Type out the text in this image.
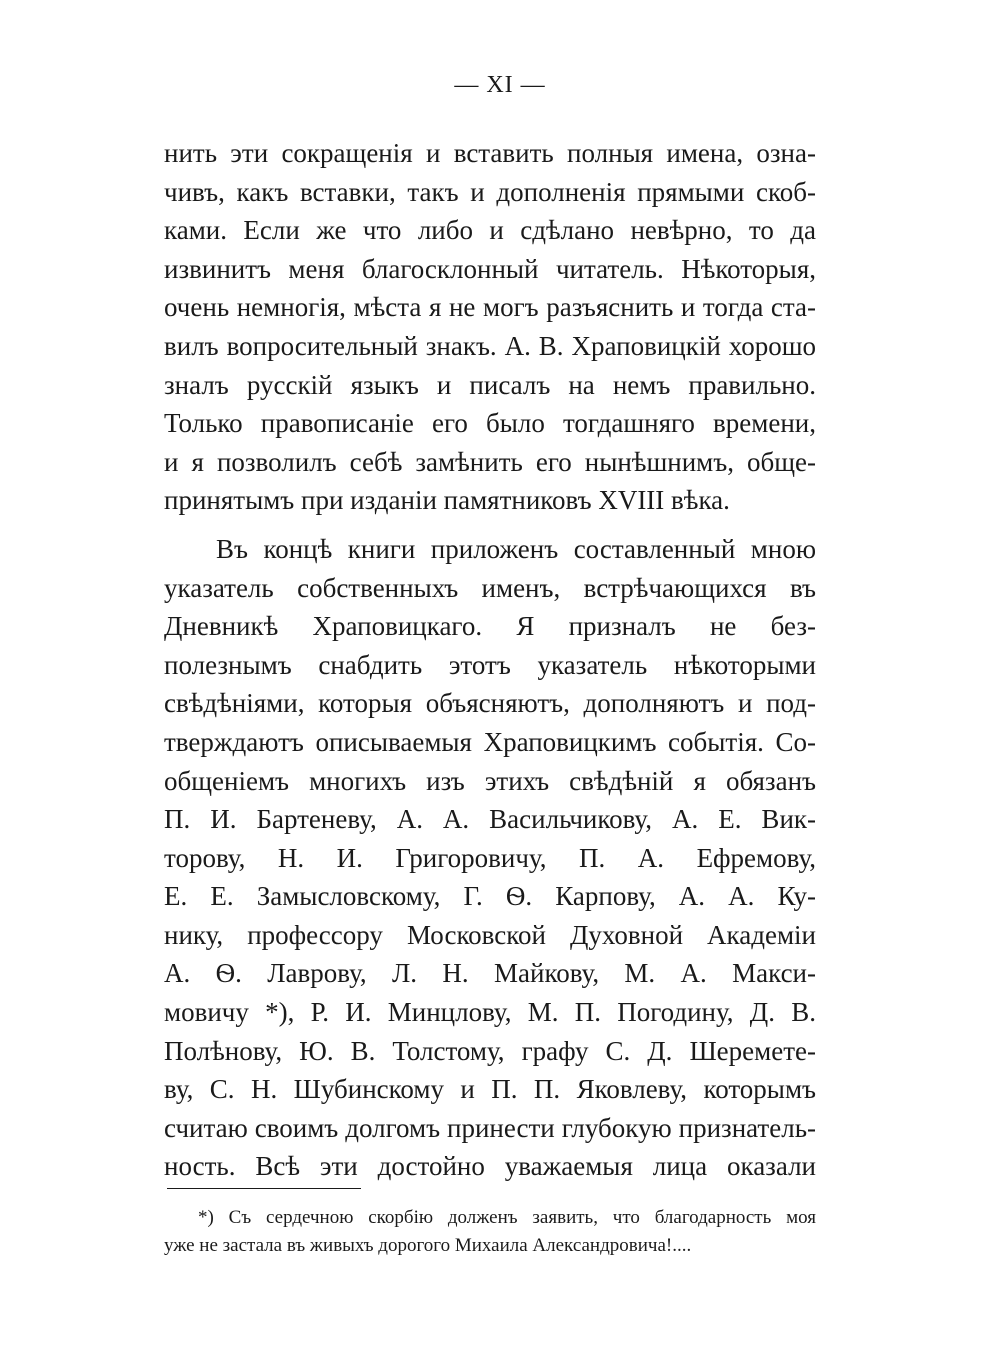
— XI —
нить эти сокращенія и вставить полныя имена, озна-
чивъ, какъ вставки, такъ и дополненія прямыми скоб-
ками. Если же что либо и сдѣлано невѣрно, то да
извинитъ меня благосклонный читатель. Нѣкоторыя,
очень немногія, мѣста я не могъ разъяснить и тогда ста-
вилъ вопросительный знакъ. А. В. Храповицкій хорошо
зналъ русскій языкъ и писалъ на немъ правильно.
Только правописаніе его было тогдашняго времени,
и я позволилъ себѣ замѣнить его нынѣшнимъ, обще-
принятымъ при изданіи памятниковъ XVIII вѣка.
Въ концѣ книги приложенъ составленный мною
указатель собственныхъ именъ, встрѣчающихся въ
Дневникѣ Храповицкаго. Я призналъ не без-
полезнымъ снабдить этотъ указатель нѣкоторыми
свѣдѣніями, которыя объясняютъ, дополняютъ и под-
тверждаютъ описываемыя Храповицкимъ событія. Со-
общеніемъ многихъ изъ этихъ свѣдѣній я обязанъ
П. И. Бартеневу, А. А. Васильчикову, А. Е. Вик-
торову, Н. И. Григоровичу, П. А. Ефремову,
Е. Е. Замысловскому, Г. Ѳ. Карпову, А. А. Ку-
нику, профессору Московской Духовной Академіи
А. Ѳ. Лаврову, Л. Н. Майкову, М. А. Макси-
мовичу *), Р. И. Минцлову, М. П. Погодину, Д. В.
Полѣнову, Ю. В. Толстому, графу С. Д. Шеремете-
ву, С. Н. Шубинскому и П. П. Яковлеву, которымъ
считаю своимъ долгомъ принести глубокую признатель-
ность. Всѣ эти достойно уважаемыя лица оказали
*) Съ сердечною скорбію долженъ заявить, что благодарность моя
уже не застала въ живыхъ дорогого Михаила Александровича!....
